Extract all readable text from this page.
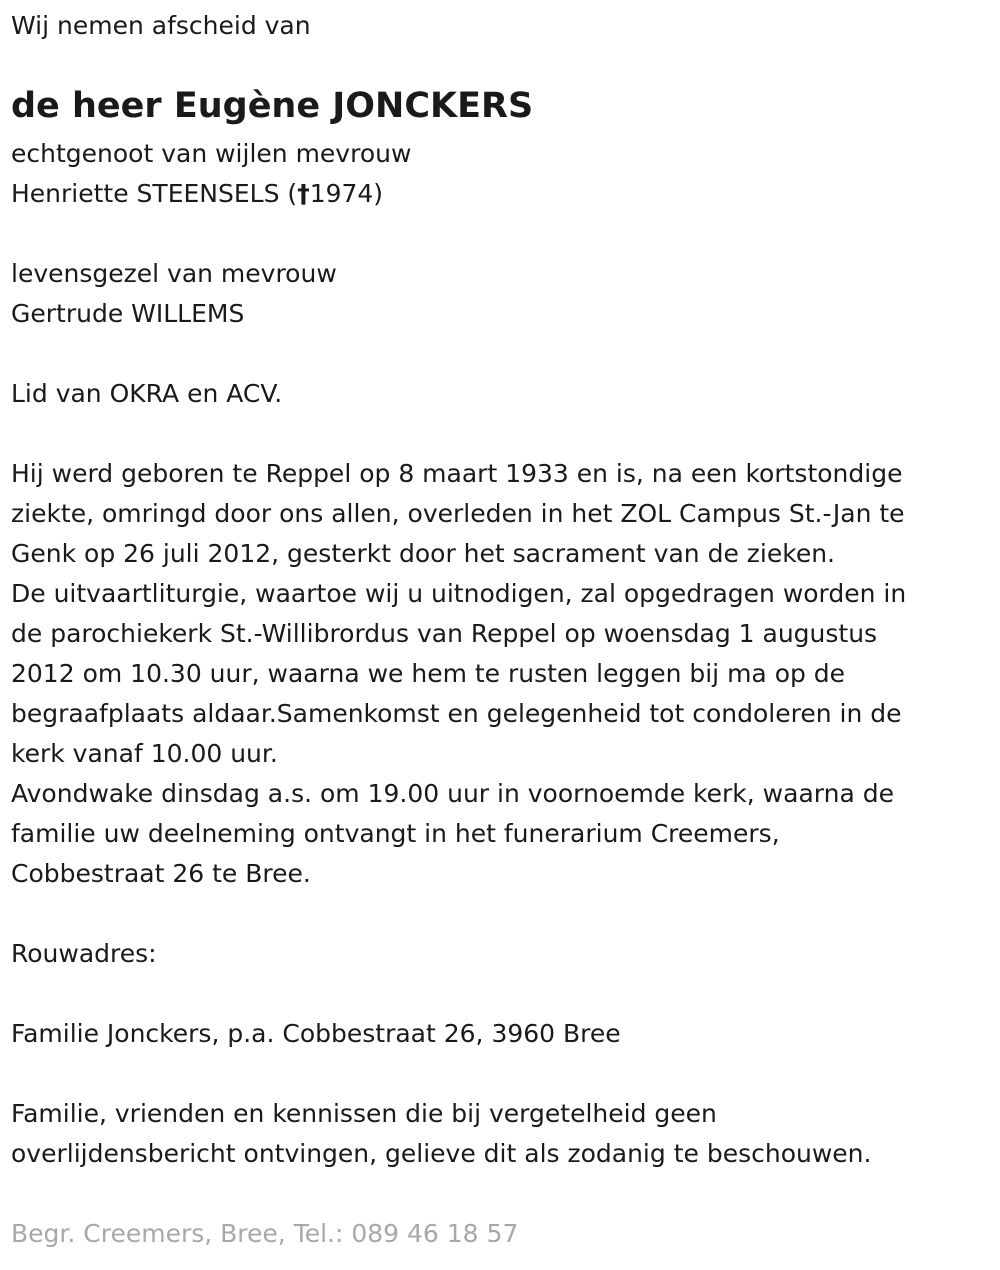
Wij nemen afscheid van
de heer Eugène JONCKERS
echtgenoot van wijlen mevrouw
Henriette STEENSELS (†1974)
levensgezel van mevrouw
Gertrude WILLEMS
Lid van OKRA en ACV.
Hij werd geboren te Reppel op 8 maart 1933 en is, na een kortstondige
ziekte, omringd door ons allen, overleden in het ZOL Campus St.-Jan te
Genk op 26 juli 2012, gesterkt door het sacrament van de zieken.
De uitvaartliturgie, waartoe wij u uitnodigen, zal opgedragen worden in
de parochiekerk St.-Willibrordus van Reppel op woensdag 1 augustus
2012 om 10.30 uur, waarna we hem te rusten leggen bij ma op de
begraafplaats aldaar.Samenkomst en gelegenheid tot condoleren in de
kerk vanaf 10.00 uur.
Avondwake dinsdag a.s. om 19.00 uur in voornoemde kerk, waarna de
familie uw deelneming ontvangt in het funerarium Creemers,
Cobbestraat 26 te Bree.
Rouwadres:
Familie Jonckers, p.a. Cobbestraat 26, 3960 Bree
Familie, vrienden en kennissen die bij vergetelheid geen
overlijdensbericht ontvingen, gelieve dit als zodanig te beschouwen.
Begr. Creemers, Bree, Tel.: 089 46 18 57
